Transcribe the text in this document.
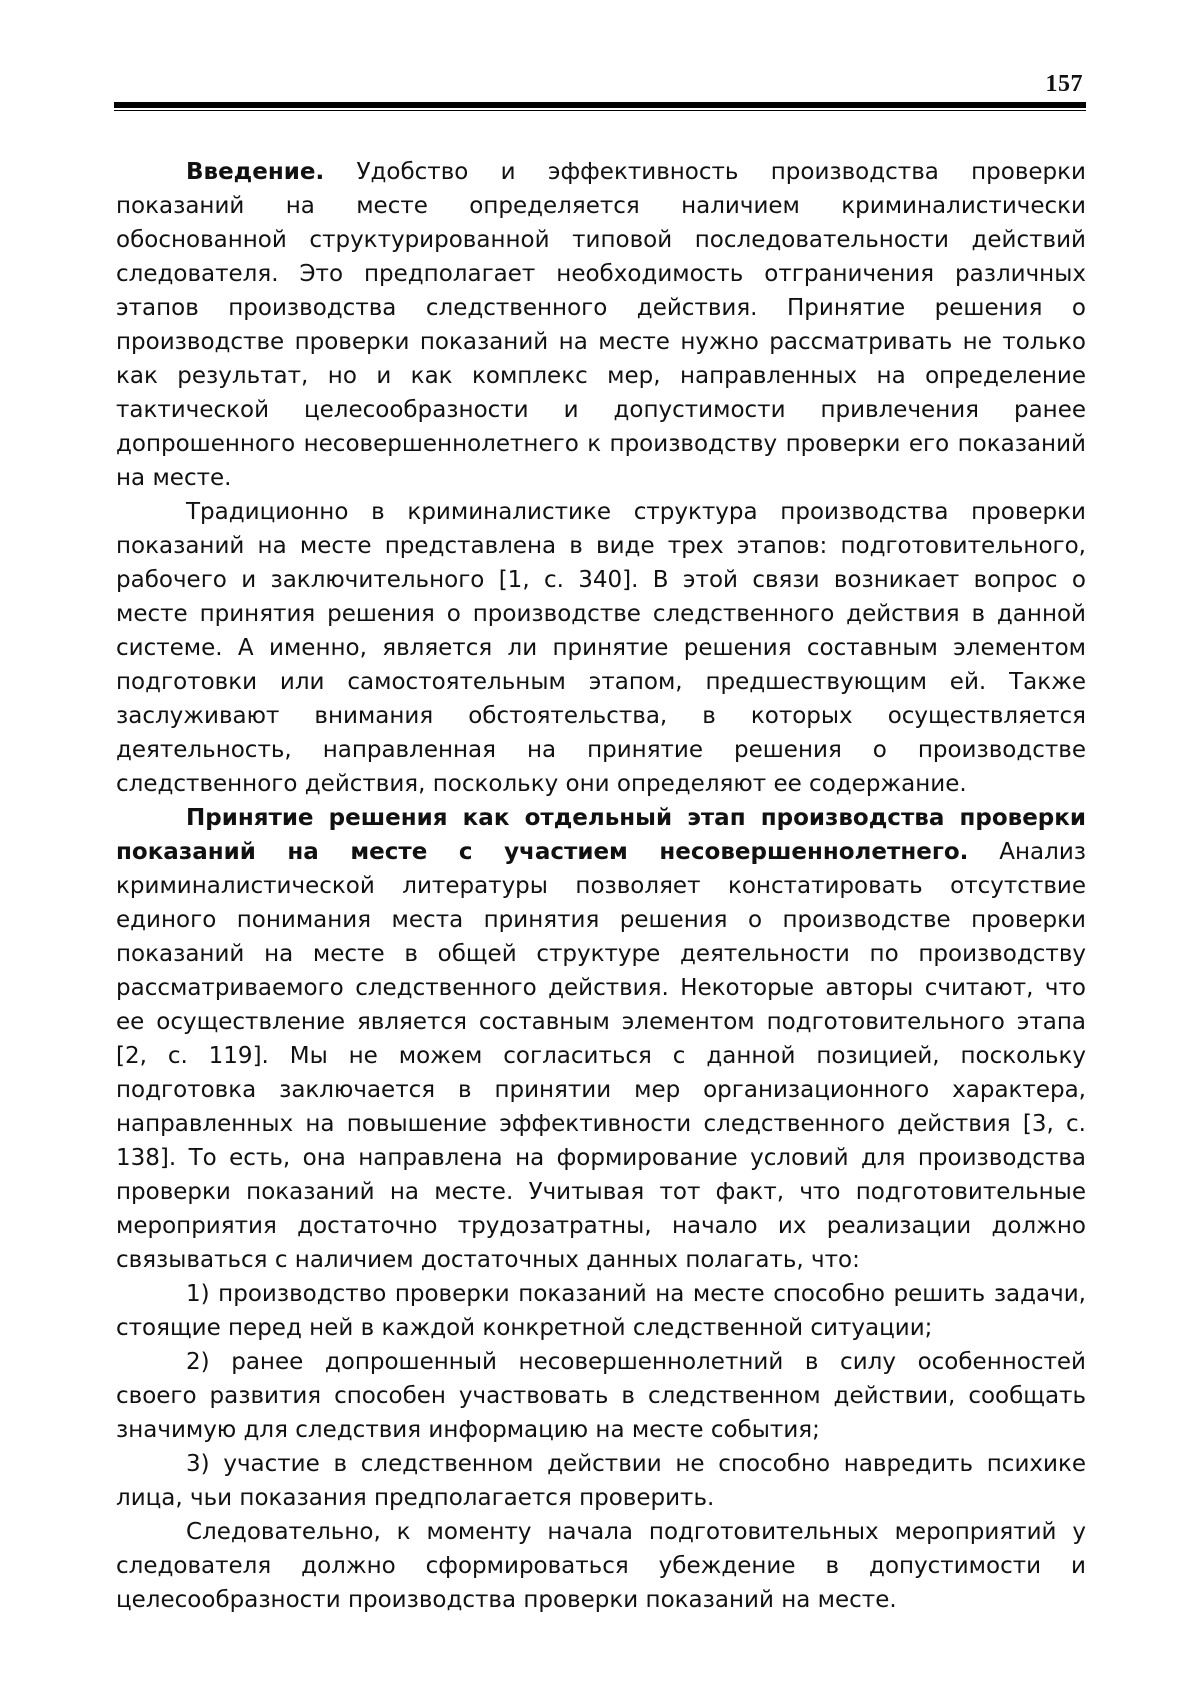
157

Введение. Удобство и эффективность производства проверки показаний на месте определяется наличием криминалистически обоснованной структурированной типовой последовательности действий следователя. Это предполагает необходимость отграничения различных этапов производства следственного действия. Принятие решения о производстве проверки показаний на месте нужно рассматривать не только как результат, но и как комплекс мер, направленных на определение тактической целесообразности и допустимости привлечения ранее допрошенного несовершеннолетнего к производству проверки его показаний на месте.

Традиционно в криминалистике структура производства проверки показаний на месте представлена в виде трех этапов: подготовительного, рабочего и заключительного [1, с. 340]. В этой связи возникает вопрос о месте принятия решения о производстве следственного действия в данной системе. А именно, является ли принятие решения составным элементом подготовки или самостоятельным этапом, предшествующим ей. Также заслуживают внимания обстоятельства, в которых осуществляется деятельность, направленная на принятие решения о производстве следственного действия, поскольку они определяют ее содержание.

Принятие решения как отдельный этап производства проверки показаний на месте с участием несовершеннолетнего. Анализ криминалистической литературы позволяет констатировать отсутствие единого понимания места принятия решения о производстве проверки показаний на месте в общей структуре деятельности по производству рассматриваемого следственного действия. Некоторые авторы считают, что ее осуществление является составным элементом подготовительного этапа [2, с. 119]. Мы не можем согласиться с данной позицией, поскольку подготовка заключается в принятии мер организационного характера, направленных на повышение эффективности следственного действия [3, с. 138]. То есть, она направлена на формирование условий для производства проверки показаний на месте. Учитывая тот факт, что подготовительные мероприятия достаточно трудозатратны, начало их реализации должно связываться с наличием достаточных данных полагать, что:

1) производство проверки показаний на месте способно решить задачи, стоящие перед ней в каждой конкретной следственной ситуации;

2) ранее допрошенный несовершеннолетний в силу особенностей своего развития способен участвовать в следственном действии, сообщать значимую для следствия информацию на месте события;

3) участие в следственном действии не способно навредить психике лица, чьи показания предполагается проверить.

Следовательно, к моменту начала подготовительных мероприятий у следователя должно сформироваться убеждение в допустимости и целесообразности производства проверки показаний на месте.
